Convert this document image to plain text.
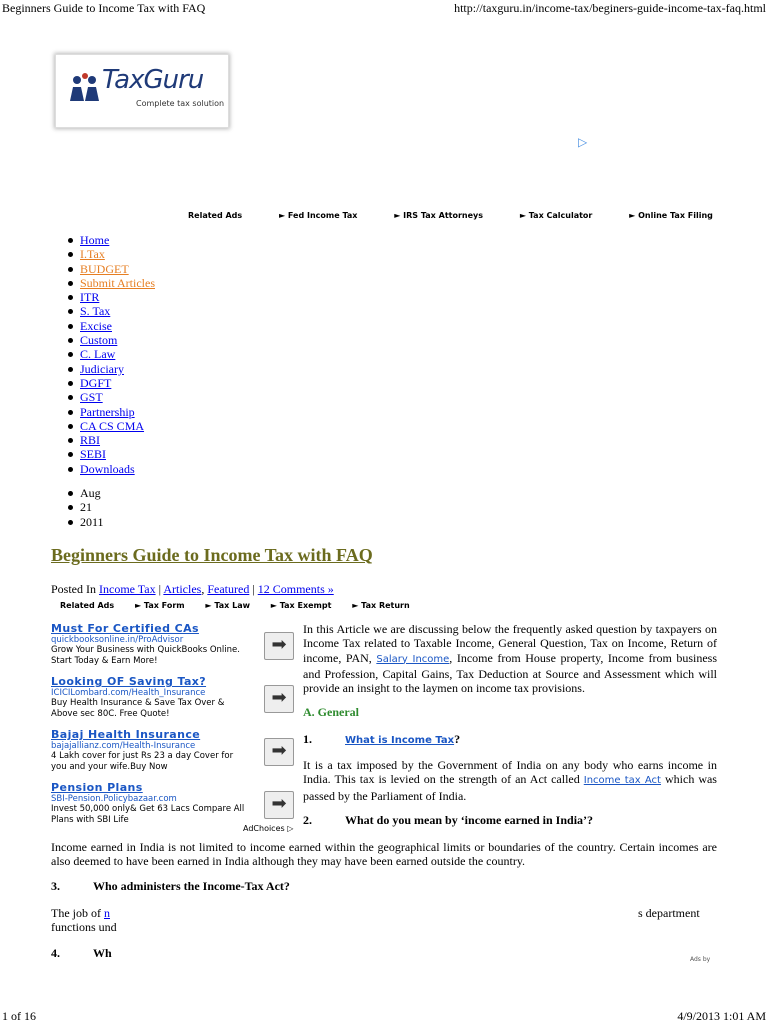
Beginners Guide to Income Tax with FAQ	http://taxguru.in/income-tax/beginers-guide-income-tax-faq.html
TaxGuru
Complete tax solution
▷
Related Ads	► Fed Income Tax	► IRS Tax Attorneys	► Tax Calculator	► Online Tax Filing
Home
I.Tax
BUDGET
Submit Articles
ITR
S. Tax
Excise
Custom
C. Law
Judiciary
DGFT
GST
Partnership
CA CS CMA
RBI
SEBI
Downloads
Aug
21
2011
Beginners Guide to Income Tax with FAQ
Posted In Income Tax | Articles, Featured | 12 Comments »
Related Ads	► Tax Form	► Tax Law	► Tax Exempt	► Tax Return
Must For Certified CAs
quickbooksonline.in/ProAdvisor
Grow Your Business with QuickBooks Online. Start Today & Earn More!
➡
Looking OF Saving Tax?
ICICILombard.com/Health_Insurance
Buy Health Insurance & Save Tax Over & Above sec 80C. Free Quote!
➡
Bajaj Health Insurance
bajajallianz.com/Health-Insurance
4 Lakh cover for just Rs 23 a day Cover for you and your wife.Buy Now
➡
Pension Plans
SBI-Pension.Policybazaar.com
Invest 50,000 only& Get 63 Lacs Compare All Plans with SBI Life
➡
AdChoices ▷
In this Article we are discussing below the frequently asked question by taxpayers on Income Tax related to Taxable Income, General Question, Tax on Income, Return of income, PAN, Salary Income, Income from House property, Income from business and Profession, Capital Gains, Tax Deduction at Source and Assessment which will provide an insight to the laymen on income tax provisions.
A. General
1.	What is Income Tax?
It is a tax imposed by the Government of India on any body who earns income in India. This tax is levied on the strength of an Act called Income tax Act which was passed by the Parliament of India.
2.	What do you mean by ‘income earned in India’?
Income earned in India is not limited to income earned within the geographical limits or boundaries of the country. Certain incomes are also deemed to have been earned in India although they may have been earned outside the country.
3.	Who administers the Income-Tax Act?
The job of n	s department
functions und
4.	Wh	Ads by
1 of 16	4/9/2013 1:01 AM
